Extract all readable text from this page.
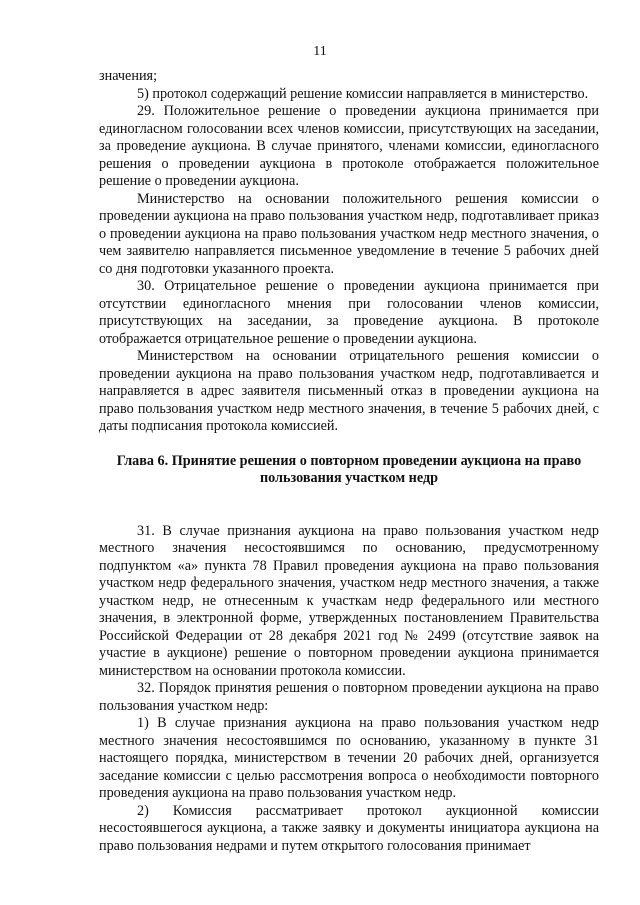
11

значения;

5) протокол содержащий решение комиссии направляется в министерство.

29. Положительное решение о проведении аукциона принимается при единогласном голосовании всех членов комиссии, присутствующих на заседании, за проведение аукциона. В случае принятого, членами комиссии, единогласного решения о проведении аукциона в протоколе отображается положительное решение о проведении аукциона.

Министерство на основании положительного решения комиссии о проведении аукциона на право пользования участком недр, подготавливает приказ о проведении аукциона на право пользования участком недр местного значения, о чем заявителю направляется письменное уведомление в течение 5 рабочих дней со дня подготовки указанного проекта.

30. Отрицательное решение о проведении аукциона принимается при отсутствии единогласного мнения при голосовании членов комиссии, присутствующих на заседании, за проведение аукциона. В протоколе отображается отрицательное решение о проведении аукциона.

Министерством на основании отрицательного решения комиссии о проведении аукциона на право пользования участком недр, подготавливается и направляется в адрес заявителя письменный отказ в проведении аукциона на право пользования участком недр местного значения, в течение 5 рабочих дней, с даты подписания протокола комиссией.

Глава 6. Принятие решения о повторном проведении аукциона на право пользования участком недр

31. В случае признания аукциона на право пользования участком недр местного значения несостоявшимся по основанию, предусмотренному подпунктом «а» пункта 78 Правил проведения аукциона на право пользования участком недр федерального значения, участком недр местного значения, а также участком недр, не отнесенным к участкам недр федерального или местного значения, в электронной форме, утвержденных постановлением Правительства Российской Федерации от 28 декабря 2021 год № 2499 (отсутствие заявок на участие в аукционе) решение о повторном проведении аукциона принимается министерством на основании протокола комиссии.

32. Порядок принятия решения о повторном проведении аукциона на право пользования участком недр:

1) В случае признания аукциона на право пользования участком недр местного значения несостоявшимся по основанию, указанному в пункте 31 настоящего порядка, министерством в течении 20 рабочих дней, организуется заседание комиссии с целью рассмотрения вопроса о необходимости повторного проведения аукциона на право пользования участком недр.

2) Комиссия рассматривает протокол аукционной комиссии несостоявшегося аукциона, а также заявку и документы инициатора аукциона на право пользования недрами и путем открытого голосования принимает
